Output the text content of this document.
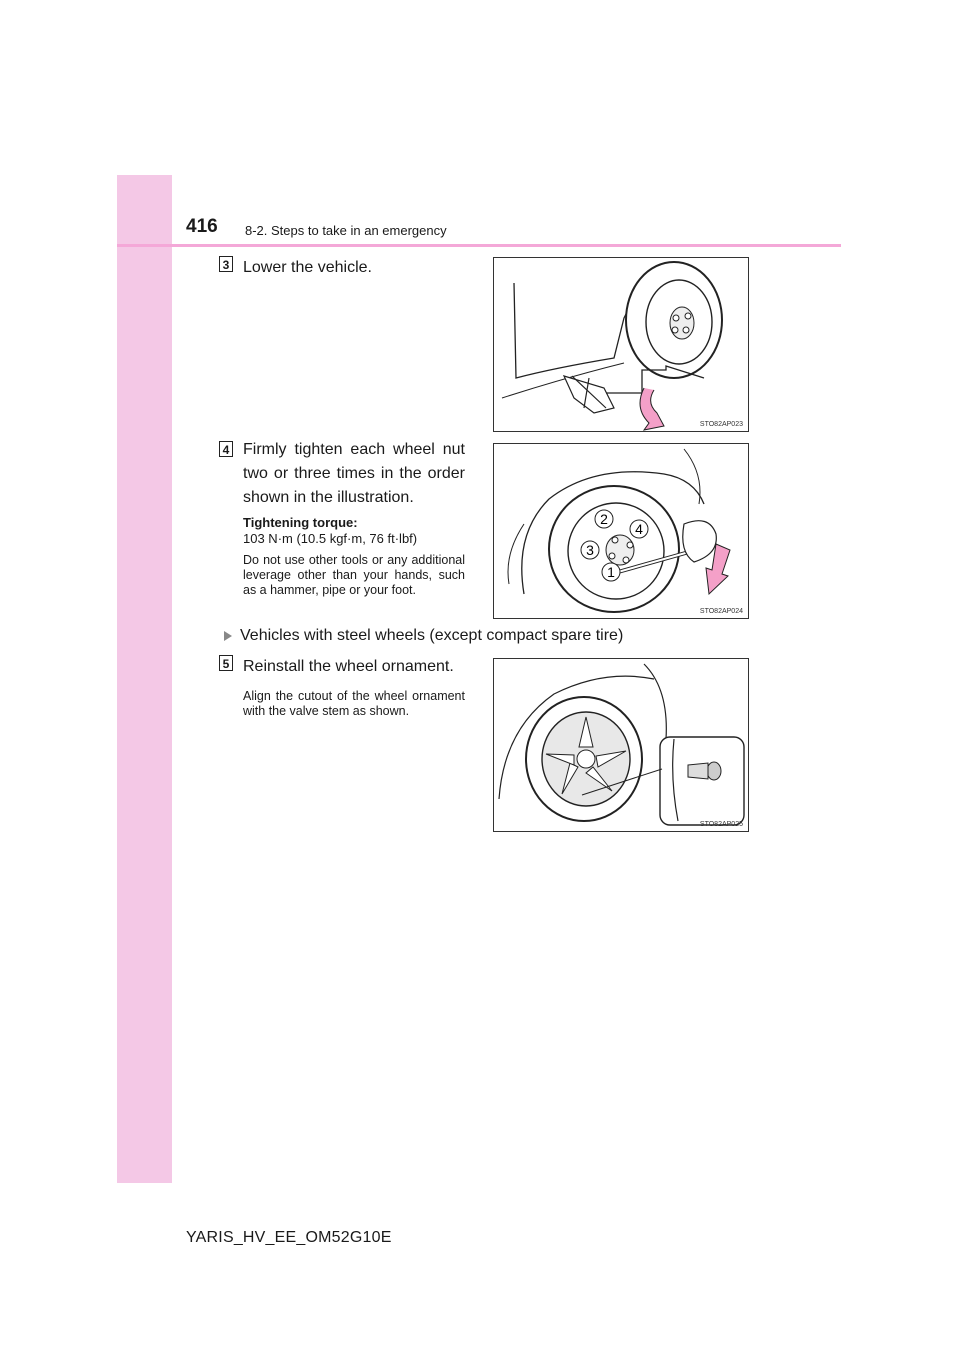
416 8-2. Steps to take in an emergency
3 Lower the vehicle.
STO82AP023
4 Firmly tighten each wheel nut two or three times in the order shown in the illustration.
Tightening torque:
103 N·m (10.5 kgf·m, 76 ft·lbf)
Do not use other tools or any additional leverage other than your hands, such as a hammer, pipe or your foot.
1
2
3
4
STO82AP024
Vehicles with steel wheels (except compact spare tire)
5 Reinstall the wheel ornament.
Align the cutout of the wheel ornament with the valve stem as shown.
STO82AP025
YARIS_HV_EE_OM52G10E
